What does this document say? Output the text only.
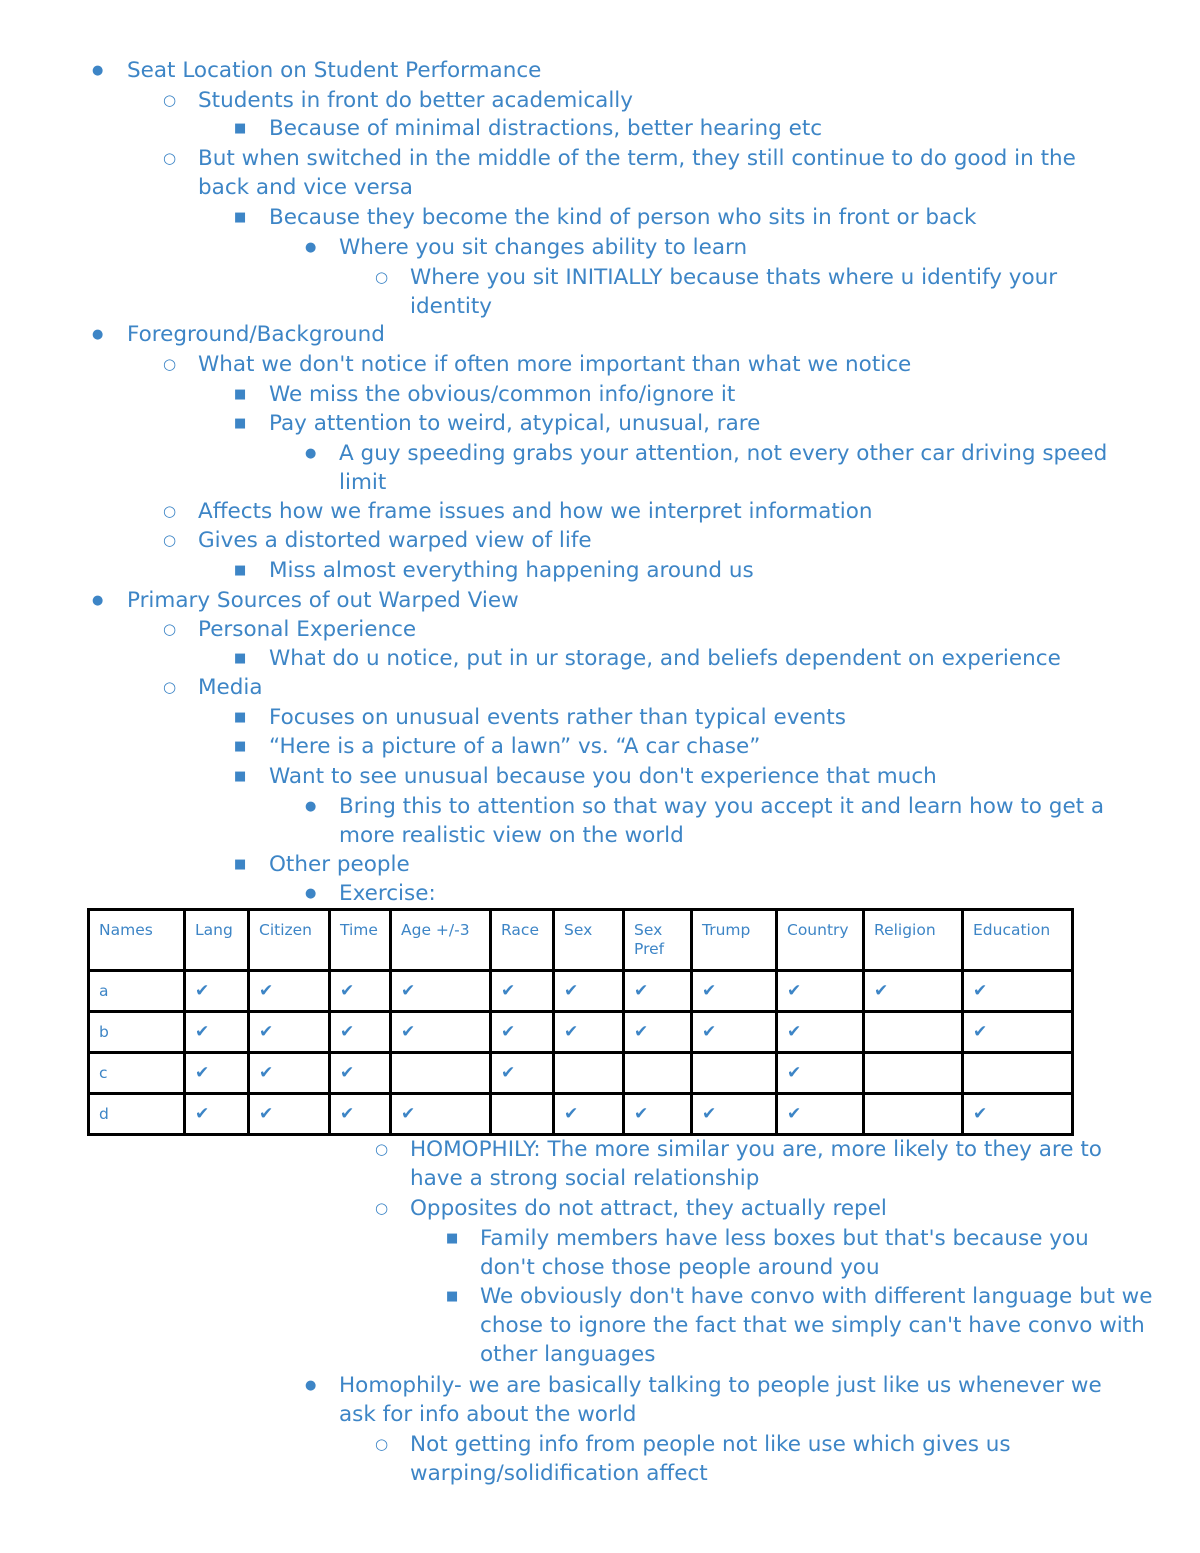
● Seat Location on Student Performance
○ Students in front do better academically
■ Because of minimal distractions, better hearing etc
○ But when switched in the middle of the term, they still continue to do good in the back and vice versa
■ Because they become the kind of person who sits in front or back
● Where you sit changes ability to learn
○ Where you sit INITIALLY because thats where u identify your identity
● Foreground/Background
○ What we don't notice if often more important than what we notice
■ We miss the obvious/common info/ignore it
■ Pay attention to weird, atypical, unusual, rare
● A guy speeding grabs your attention, not every other car driving speed limit
○ Affects how we frame issues and how we interpret information
○ Gives a distorted warped view of life
■ Miss almost everything happening around us
● Primary Sources of out Warped View
○ Personal Experience
■ What do u notice, put in ur storage, and beliefs dependent on experience
○ Media
■ Focuses on unusual events rather than typical events
■ “Here is a picture of a lawn” vs. “A car chase”
■ Want to see unusual because you don't experience that much
● Bring this to attention so that way you accept it and learn how to get a more realistic view on the world
■ Other people
● Exercise:
Names	Lang	Citizen	Time	Age +/-3	Race	Sex	Sex Pref	Trump	Country	Religion	Education
a	✔	✔	✔	✔	✔	✔	✔	✔	✔	✔	✔
b	✔	✔	✔	✔	✔	✔	✔	✔	✔		✔
c	✔	✔	✔		✔				✔		
d	✔	✔	✔	✔		✔	✔	✔	✔		✔
○ HOMOPHILY: The more similar you are, more likely to they are to have a strong social relationship
○ Opposites do not attract, they actually repel
■ Family members have less boxes but that's because you don't chose those people around you
■ We obviously don't have convo with different language but we chose to ignore the fact that we simply can't have convo with other languages
● Homophily- we are basically talking to people just like us whenever we ask for info about the world
○ Not getting info from people not like use which gives us warping/solidification affect
